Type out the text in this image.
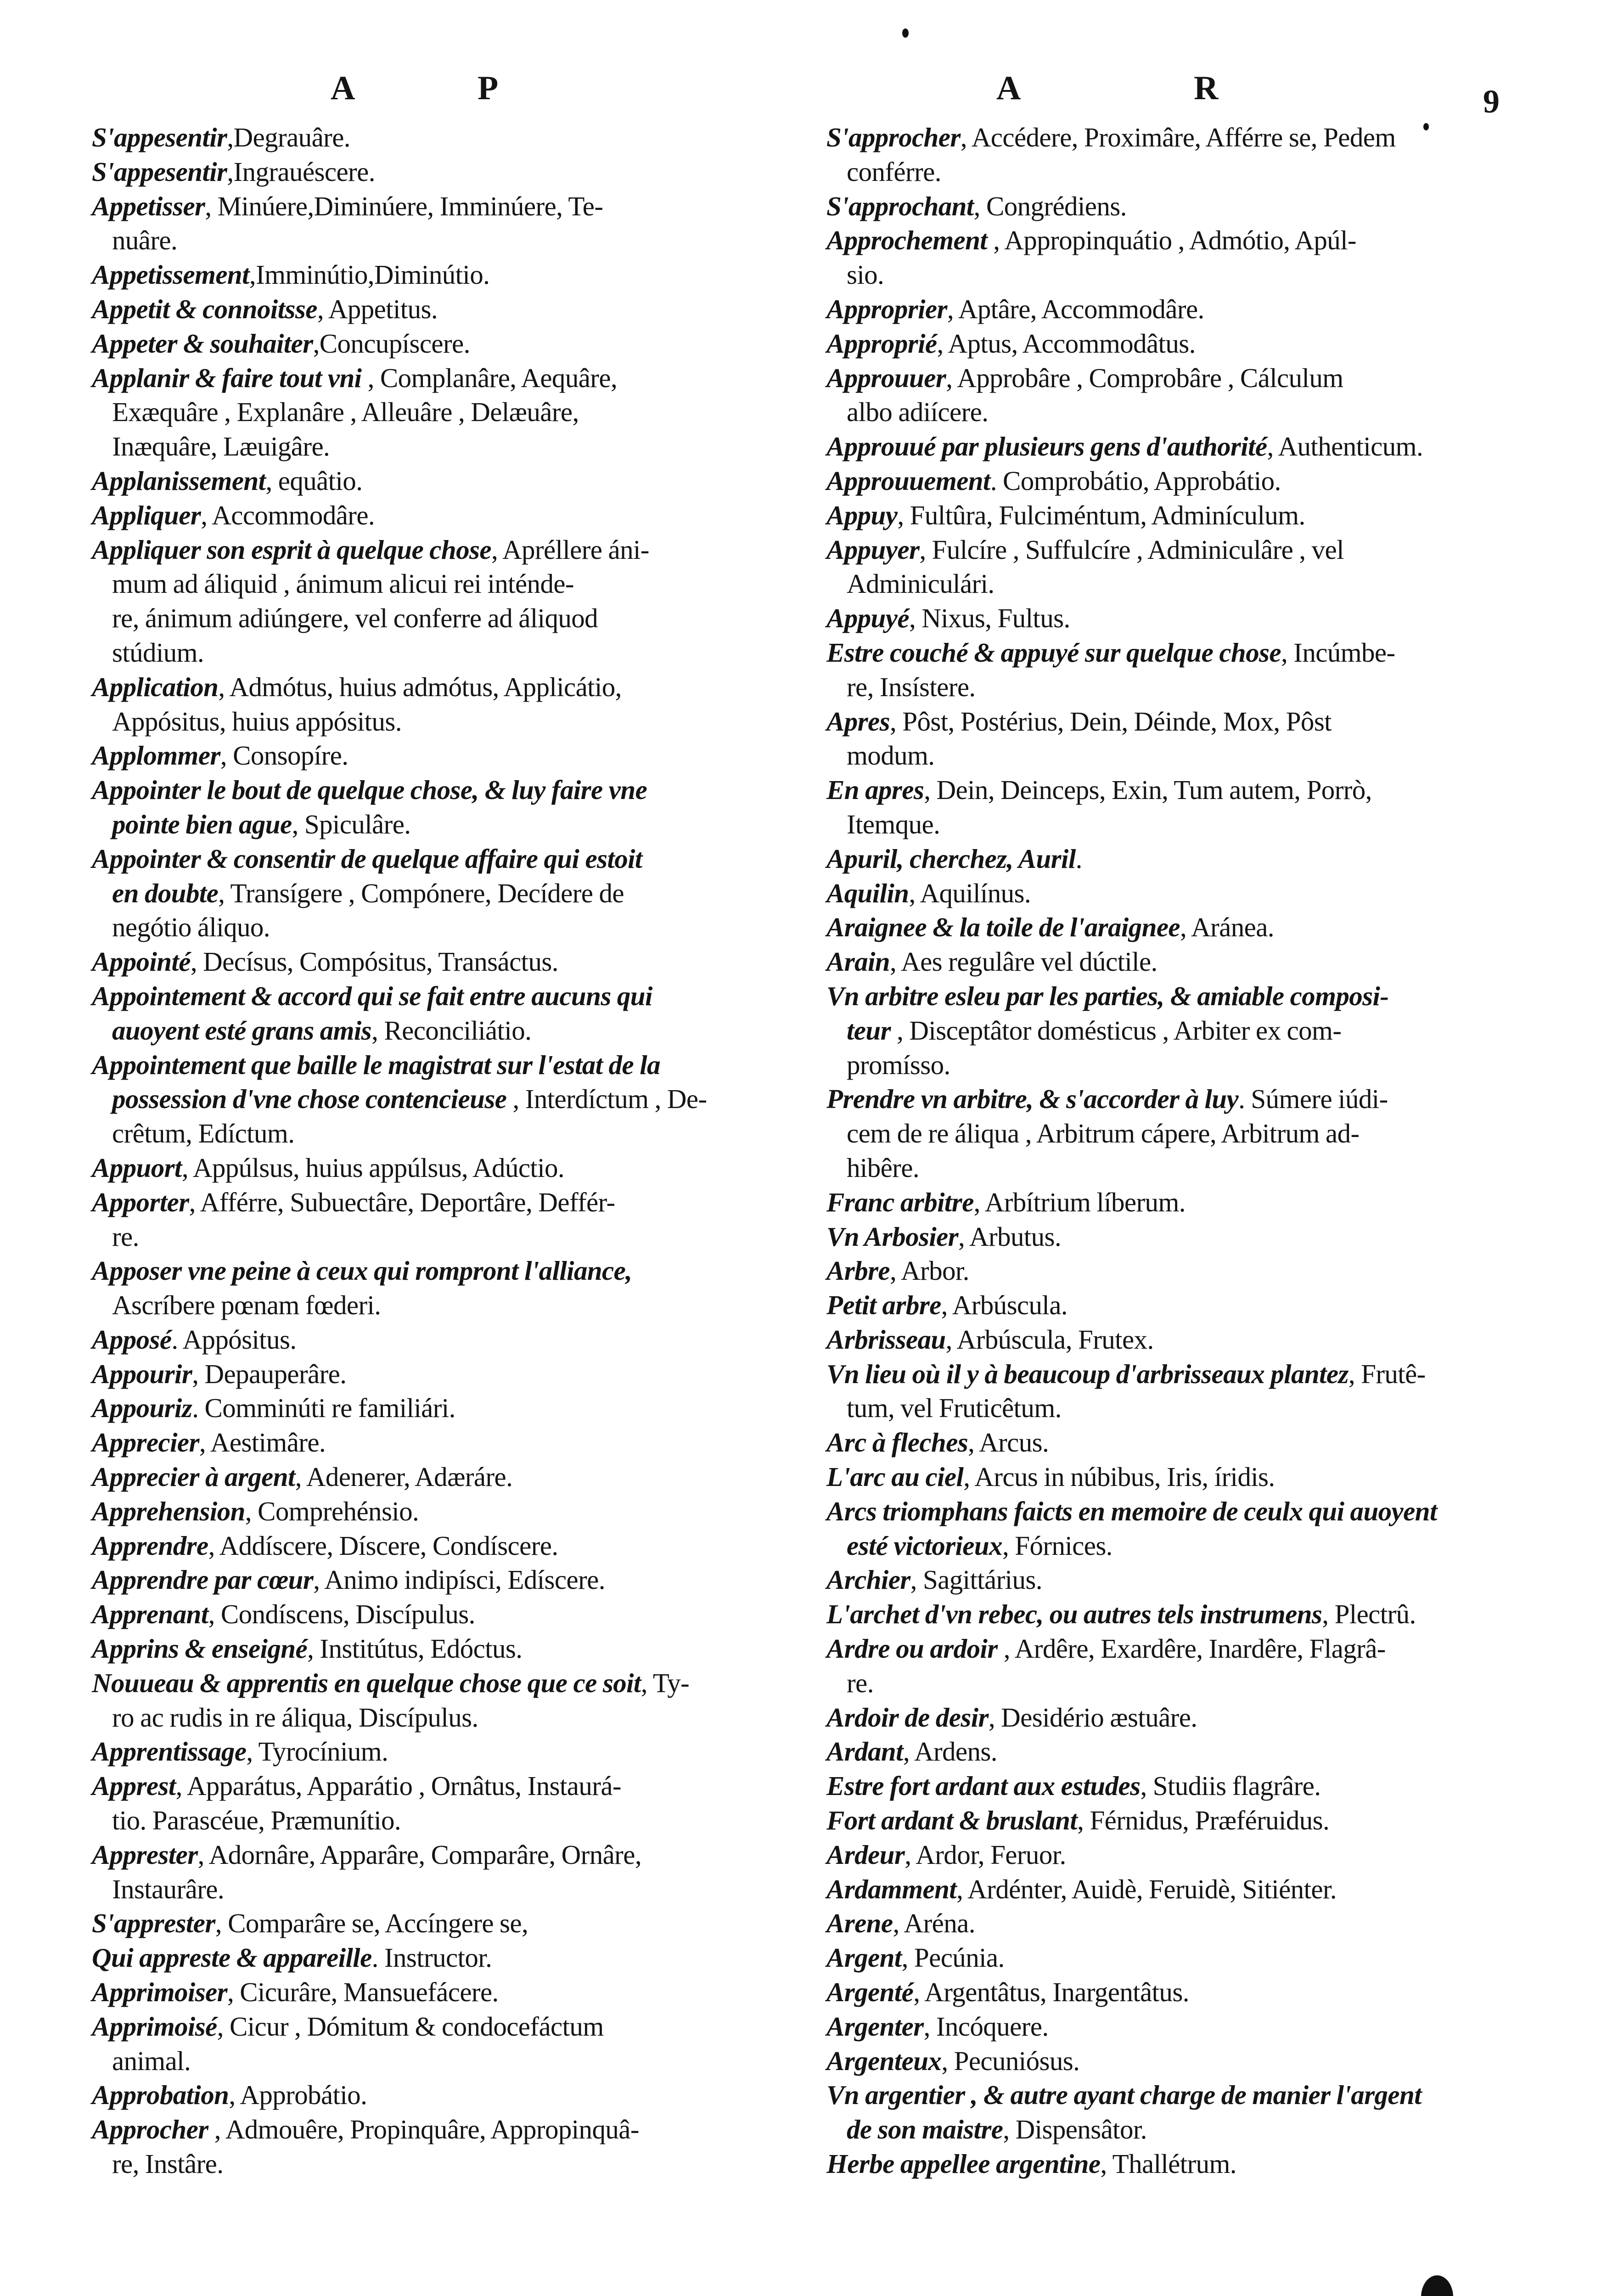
A	P	A	R	9

S'appesentir,Degrauâre.

S'appesentir,Ingrauéscere.

Appetisser, Minúere,Diminúere, Imminúere, Te-

nuâre.

Appetissement,Imminútio,Diminútio.

Appetit & connoitsse, Appetitus.

Appeter & souhaiter,Concupíscere.

Applanir & faire tout vni , Complanâre, Aequâre,

Exæquâre , Explanâre , Alleuâre , Delæuâre,

Inæquâre, Læuigâre.

Applanissement, equâtio.

Appliquer, Accommodâre.

Appliquer son esprit à quelque chose, Apréllere áni-

mum ad áliquid , ánimum alicui rei inténde-

re, ánimum adiúngere, vel conferre ad áliquod

stúdium.

Application, Admótus, huius admótus, Applicátio,

Appósitus, huius appósitus.

Applommer, Consopíre.

Appointer le bout de quelque chose, & luy faire vne

pointe bien ague, Spiculâre.

Appointer & consentir de quelque affaire qui estoit

en doubte, Transígere , Compónere, Decídere de

negótio áliquo.

Appointé, Decísus, Compósitus, Transáctus.

Appointement & accord qui se fait entre aucuns qui

auoyent esté grans amis, Reconciliátio.

Appointement que baille le magistrat sur l'estat de la

possession d'vne chose contencieuse , Interdíctum , De-

crêtum, Edíctum.

Appuort, Appúlsus, huius appúlsus, Adúctio.

Apporter, Afférre, Subuectâre, Deportâre, Deffér-

re.

Apposer vne peine à ceux qui rompront l'alliance,

Ascríbere pœnam fœderi.

Apposé. Appósitus.

Appourir, Depauperâre.

Appouriz. Comminúti re familiári.

Apprecier, Aestimâre.

Apprecier à argent, Adenerer, Adæráre.

Apprehension, Comprehénsio.

Apprendre, Addíscere, Díscere, Condíscere.

Apprendre par cœur, Animo indipísci, Edíscere.

Apprenant, Condíscens, Discípulus.

Apprins & enseigné, Institútus, Edóctus.

Nouueau & apprentis en quelque chose que ce soit, Ty-

ro ac rudis in re áliqua, Discípulus.

Apprentissage, Tyrocínium.

Apprest, Apparátus, Apparátio , Ornâtus, Instaurá-

tio. Parascéue, Præmunítio.

Apprester, Adornâre, Apparâre, Comparâre, Ornâre,

Instaurâre.

S'apprester, Comparâre se, Accíngere se,

Qui appreste & appareille. Instructor.

Apprimoiser, Cicurâre, Mansuefácere.

Apprimoisé, Cicur , Dómitum & condocefáctum

animal.

Approbation, Approbátio.

Approcher , Admouêre, Propinquâre, Appropinquâ-

re, Instâre.

S'approcher, Accédere, Proximâre, Afférre se, Pedem

conférre.

S'approchant, Congrédiens.

Approchement , Appropinquátio , Admótio, Apúl-

sio.

Approprier, Aptâre, Accommodâre.

Approprié, Aptus, Accommodâtus.

Approuuer, Approbâre , Comprobâre , Cálculum

albo adiícere.

Approuué par plusieurs gens d'authorité, Authenticum.

Approuuement. Comprobátio, Approbátio.

Appuy, Fultûra, Fulciméntum, Adminículum.

Appuyer, Fulcíre , Suffulcíre , Adminiculâre , vel

Adminiculári.

Appuyé, Nixus, Fultus.

Estre couché & appuyé sur quelque chose, Incúmbe-

re, Insístere.

Apres, Pôst, Postérius, Dein, Déinde, Mox, Pôst

modum.

En apres, Dein, Deinceps, Exin, Tum autem, Porrò,

Itemque.

Apuril, cherchez, Auril.

Aquilin, Aquilínus.

Araignee & la toile de l'araignee, Aránea.

Arain, Aes regulâre vel dúctile.

Vn arbitre esleu par les parties, & amiable composi-

teur , Disceptâtor domésticus , Arbiter ex com-

promísso.

Prendre vn arbitre, & s'accorder à luy. Súmere iúdi-

cem de re áliqua , Arbitrum cápere, Arbitrum ad-

hibêre.

Franc arbitre, Arbítrium líberum.

Vn Arbosier, Arbutus.

Arbre, Arbor.

Petit arbre, Arbúscula.

Arbrisseau, Arbúscula, Frutex.

Vn lieu où il y à beaucoup d'arbrisseaux plantez, Frutê-

tum, vel Fruticêtum.

Arc à fleches, Arcus.

L'arc au ciel, Arcus in núbibus, Iris, íridis.

Arcs triomphans faicts en memoire de ceulx qui auoyent

esté victorieux, Fórnices.

Archier, Sagittárius.

L'archet d'vn rebec, ou autres tels instrumens, Plectrû.

Ardre ou ardoir , Ardêre, Exardêre, Inardêre, Flagrâ-

re.

Ardoir de desir, Desidério æstuâre.

Ardant, Ardens.

Estre fort ardant aux estudes, Studiis flagrâre.

Fort ardant & bruslant, Férnidus, Præféruidus.

Ardeur, Ardor, Feruor.

Ardamment, Ardénter, Auidè, Feruidè, Sitiénter.

Arene, Aréna.

Argent, Pecúnia.

Argenté, Argentâtus, Inargentâtus.

Argenter, Incóquere.

Argenteux, Pecuniósus.

Vn argentier , & autre ayant charge de manier l'argent

de son maistre, Dispensâtor.

Herbe appellee argentine, Thallétrum.
